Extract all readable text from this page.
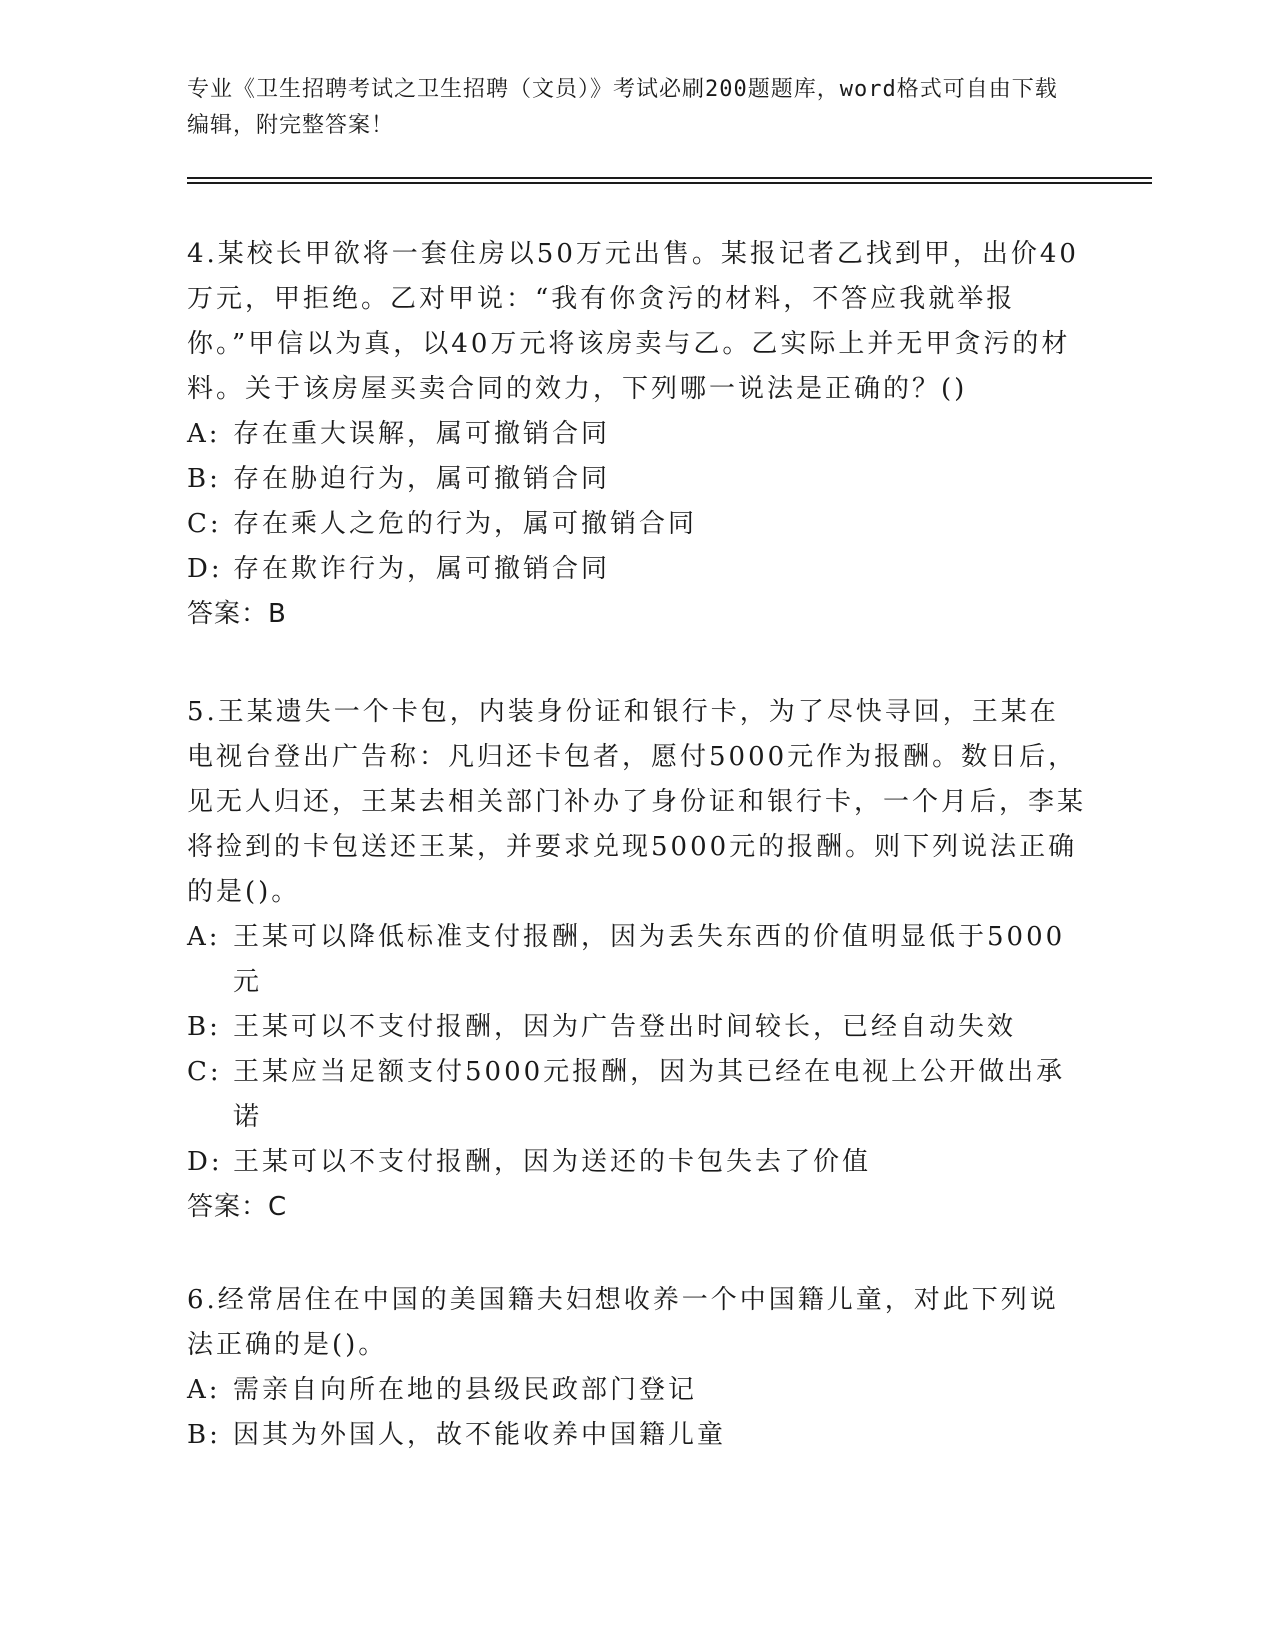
专业《卫生招聘考试之卫生招聘（文员）》考试必刷200题题库，word格式可自由下载编辑，附完整答案！

4.某校长甲欲将一套住房以50万元出售。某报记者乙找到甲，出价40万元，甲拒绝。乙对甲说：“我有你贪污的材料，不答应我就举报你。”甲信以为真，以40万元将该房卖与乙。乙实际上并无甲贪污的材料。关于该房屋买卖合同的效力，下列哪一说法是正确的？()

A: 存在重大误解，属可撤销合同

B: 存在胁迫行为，属可撤销合同

C: 存在乘人之危的行为，属可撤销合同

D: 存在欺诈行为，属可撤销合同

答案：B

5.王某遗失一个卡包，内装身份证和银行卡，为了尽快寻回，王某在电视台登出广告称：凡归还卡包者，愿付5000元作为报酬。数日后，见无人归还，王某去相关部门补办了身份证和银行卡，一个月后，李某将捡到的卡包送还王某，并要求兑现5000元的报酬。则下列说法正确的是()。

A: 王某可以降低标准支付报酬，因为丢失东西的价值明显低于5000元

B: 王某可以不支付报酬，因为广告登出时间较长，已经自动失效

C: 王某应当足额支付5000元报酬，因为其已经在电视上公开做出承诺

D: 王某可以不支付报酬，因为送还的卡包失去了价值

答案：C

6.经常居住在中国的美国籍夫妇想收养一个中国籍儿童，对此下列说法正确的是()。

A: 需亲自向所在地的县级民政部门登记

B: 因其为外国人，故不能收养中国籍儿童
